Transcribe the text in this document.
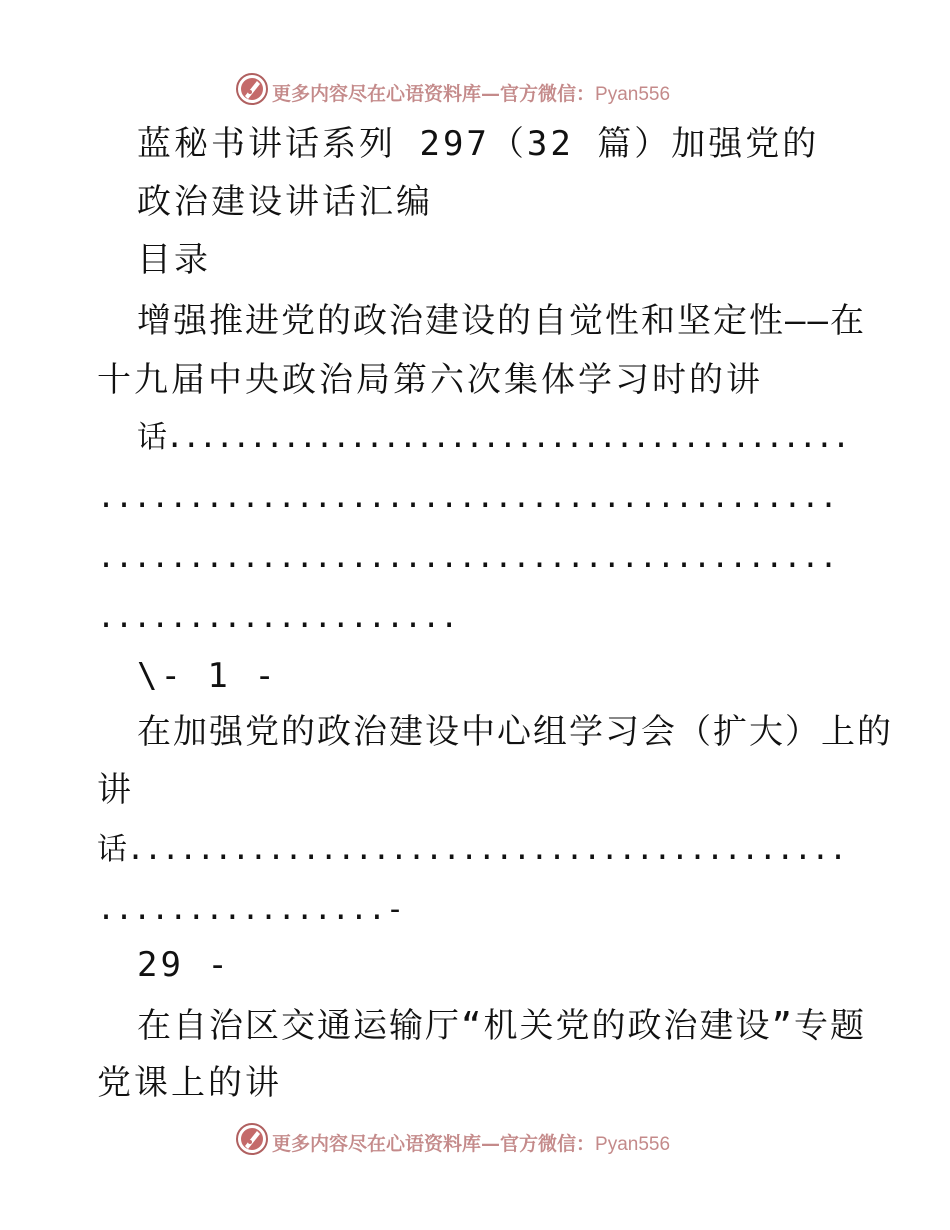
更多内容尽在心语资料库—官方微信：Pyan556
蓝秘书讲话系列 297（32 篇）加强党的
政治建设讲话汇编
目录
增强推进党的政治建设的自觉性和坚定性——在
十九届中央政治局第六次集体学习时的讲
话.........................................
.........................................
.........................................
....................
\- 1 -
在加强党的政治建设中心组学习会（扩大）上的
讲
话.........................................
................-
29 -
在自治区交通运输厅“机关党的政治建设”专题
党课上的讲
更多内容尽在心语资料库—官方微信：Pyan556
